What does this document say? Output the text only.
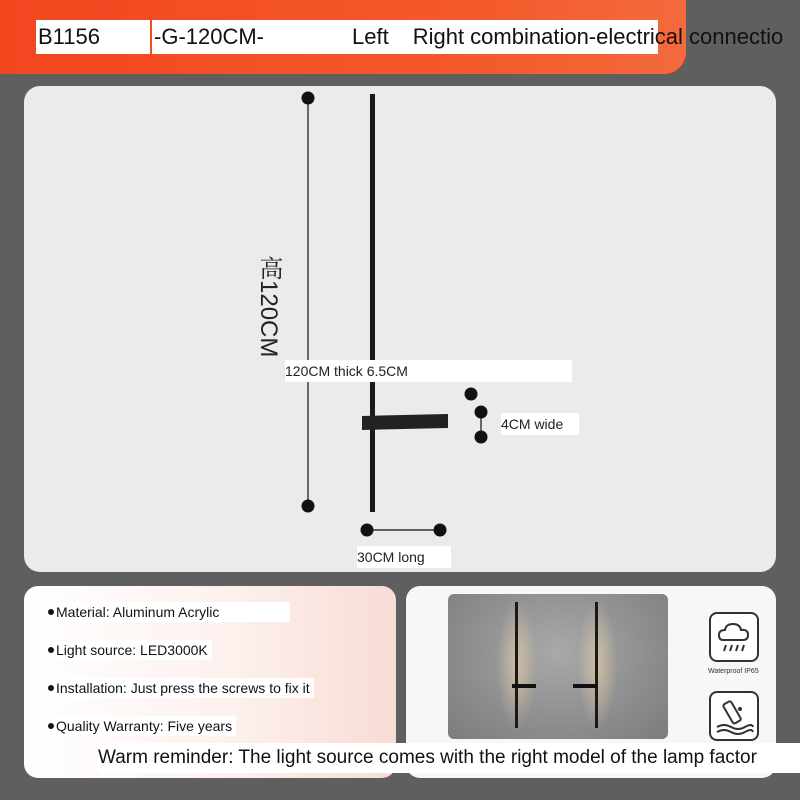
B1156	-G-120CM-	Left Right combination-electrical connectio
高120CM
120CM thick 6.5CM
4CM wide
30CM long
Material: Aluminum Acrylic
Light source: LED3000K
Installation: Just press the screws to fix it
Quality Warranty: Five years
Waterproof IP65
Warm reminder: The light source comes with the right model of the lamp factor
